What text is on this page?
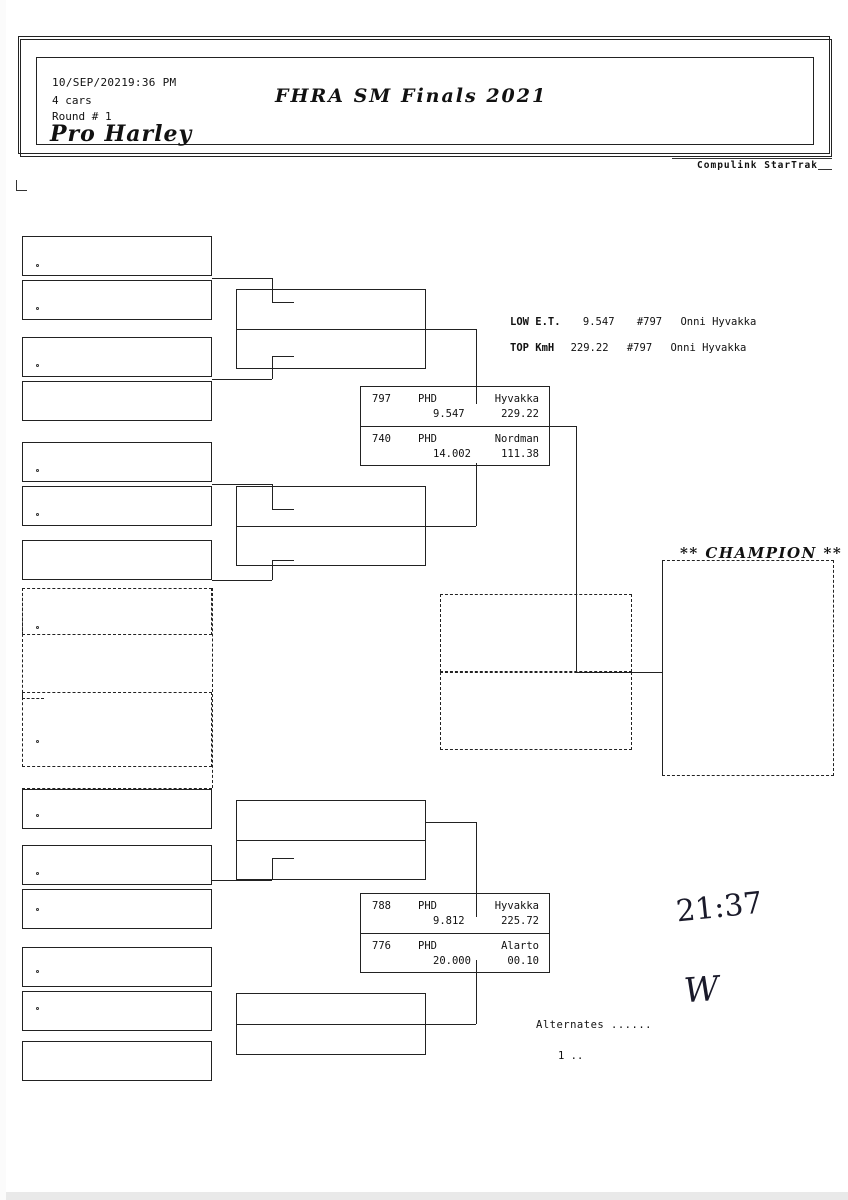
10/SEP/2021 9:36 PM
4 cars
Round # 1
Pro Harley
FHRA SM Finals 2021
Compulink StarTrak
797	PHD	Hyvakka
9.547	229.22
740	PHD	Nordman
14.002	111.38
788	PHD	Hyvakka
9.812	225.72
776	PHD	Alarto
20.000	00.10
** CHAMPION **
LOW E.T. 9.547 #797 Onni Hyvakka
TOP KmH 229.22 #797 Onni Hyvakka
Alternates ......
1 ..
21:37
W
